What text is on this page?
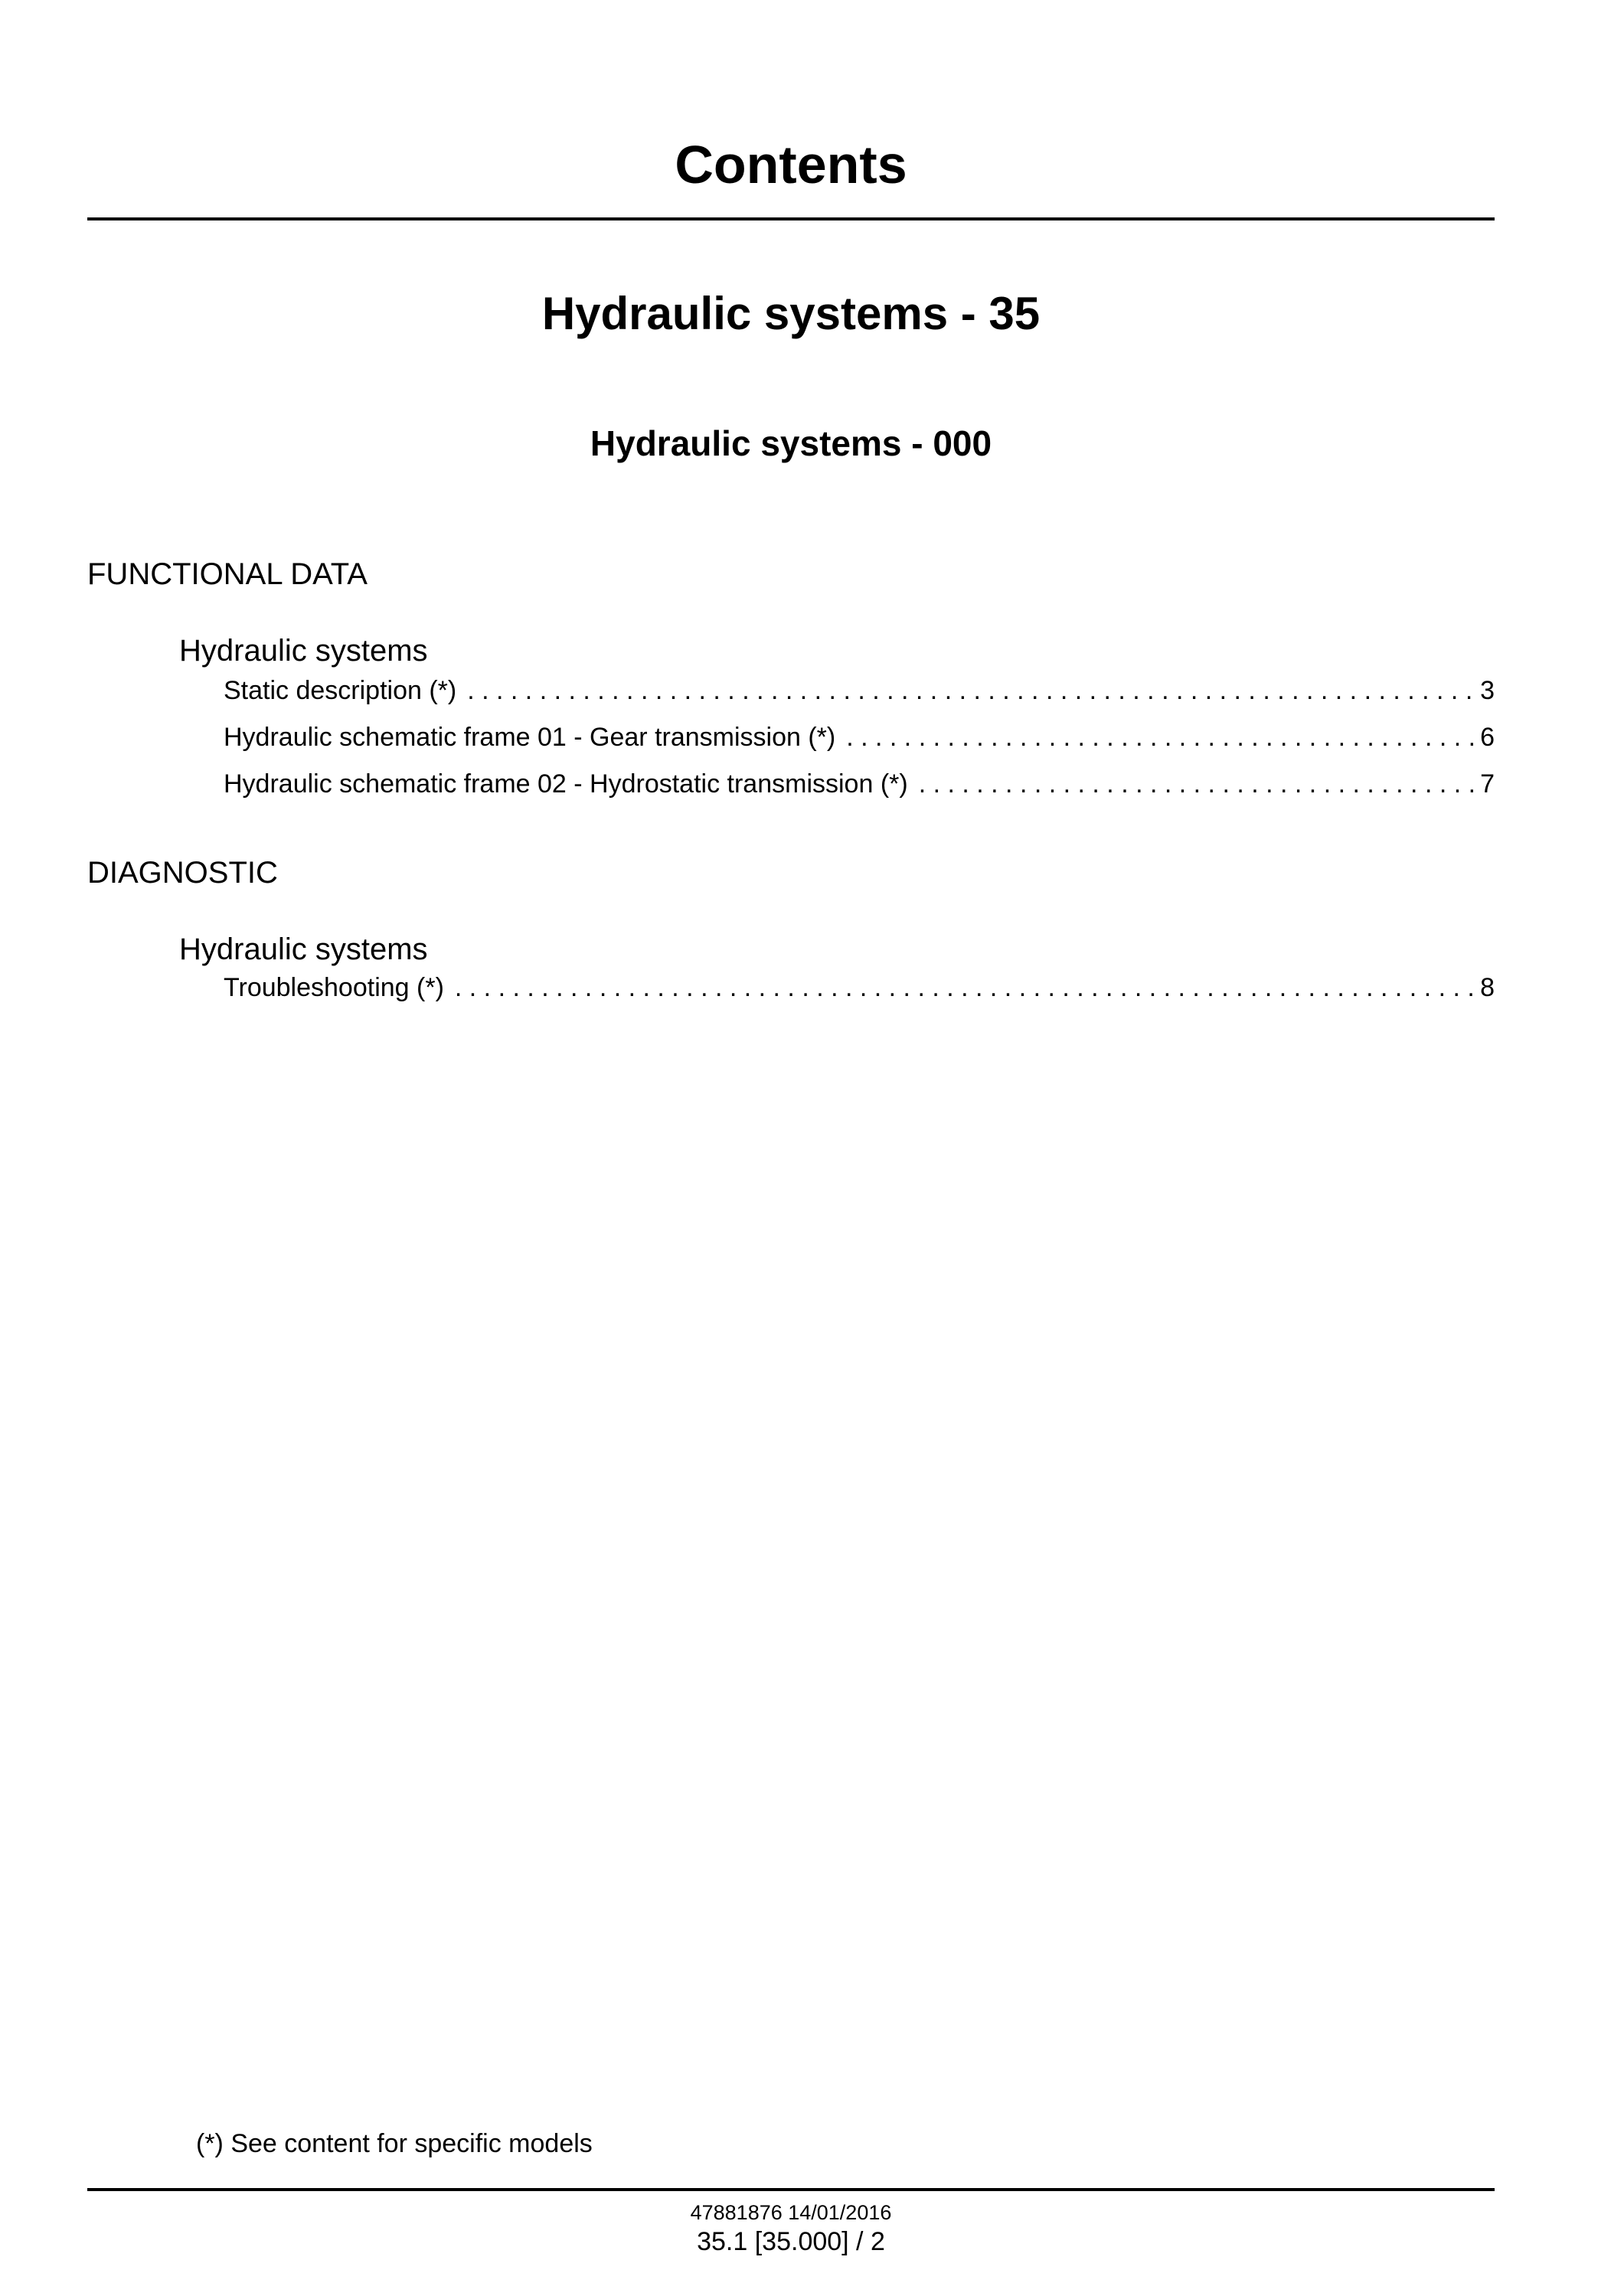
Contents
Hydraulic systems - 35
Hydraulic systems - 000
FUNCTIONAL DATA
Hydraulic systems
Static description (*) . . .	3
Hydraulic schematic frame 01 - Gear transmission (*) . . .	6
Hydraulic schematic frame 02 - Hydrostatic transmission (*) . . .	7
DIAGNOSTIC
Hydraulic systems
Troubleshooting (*) . . .	8
(*) See content for specific models
47881876 14/01/2016
35.1 [35.000] / 2
